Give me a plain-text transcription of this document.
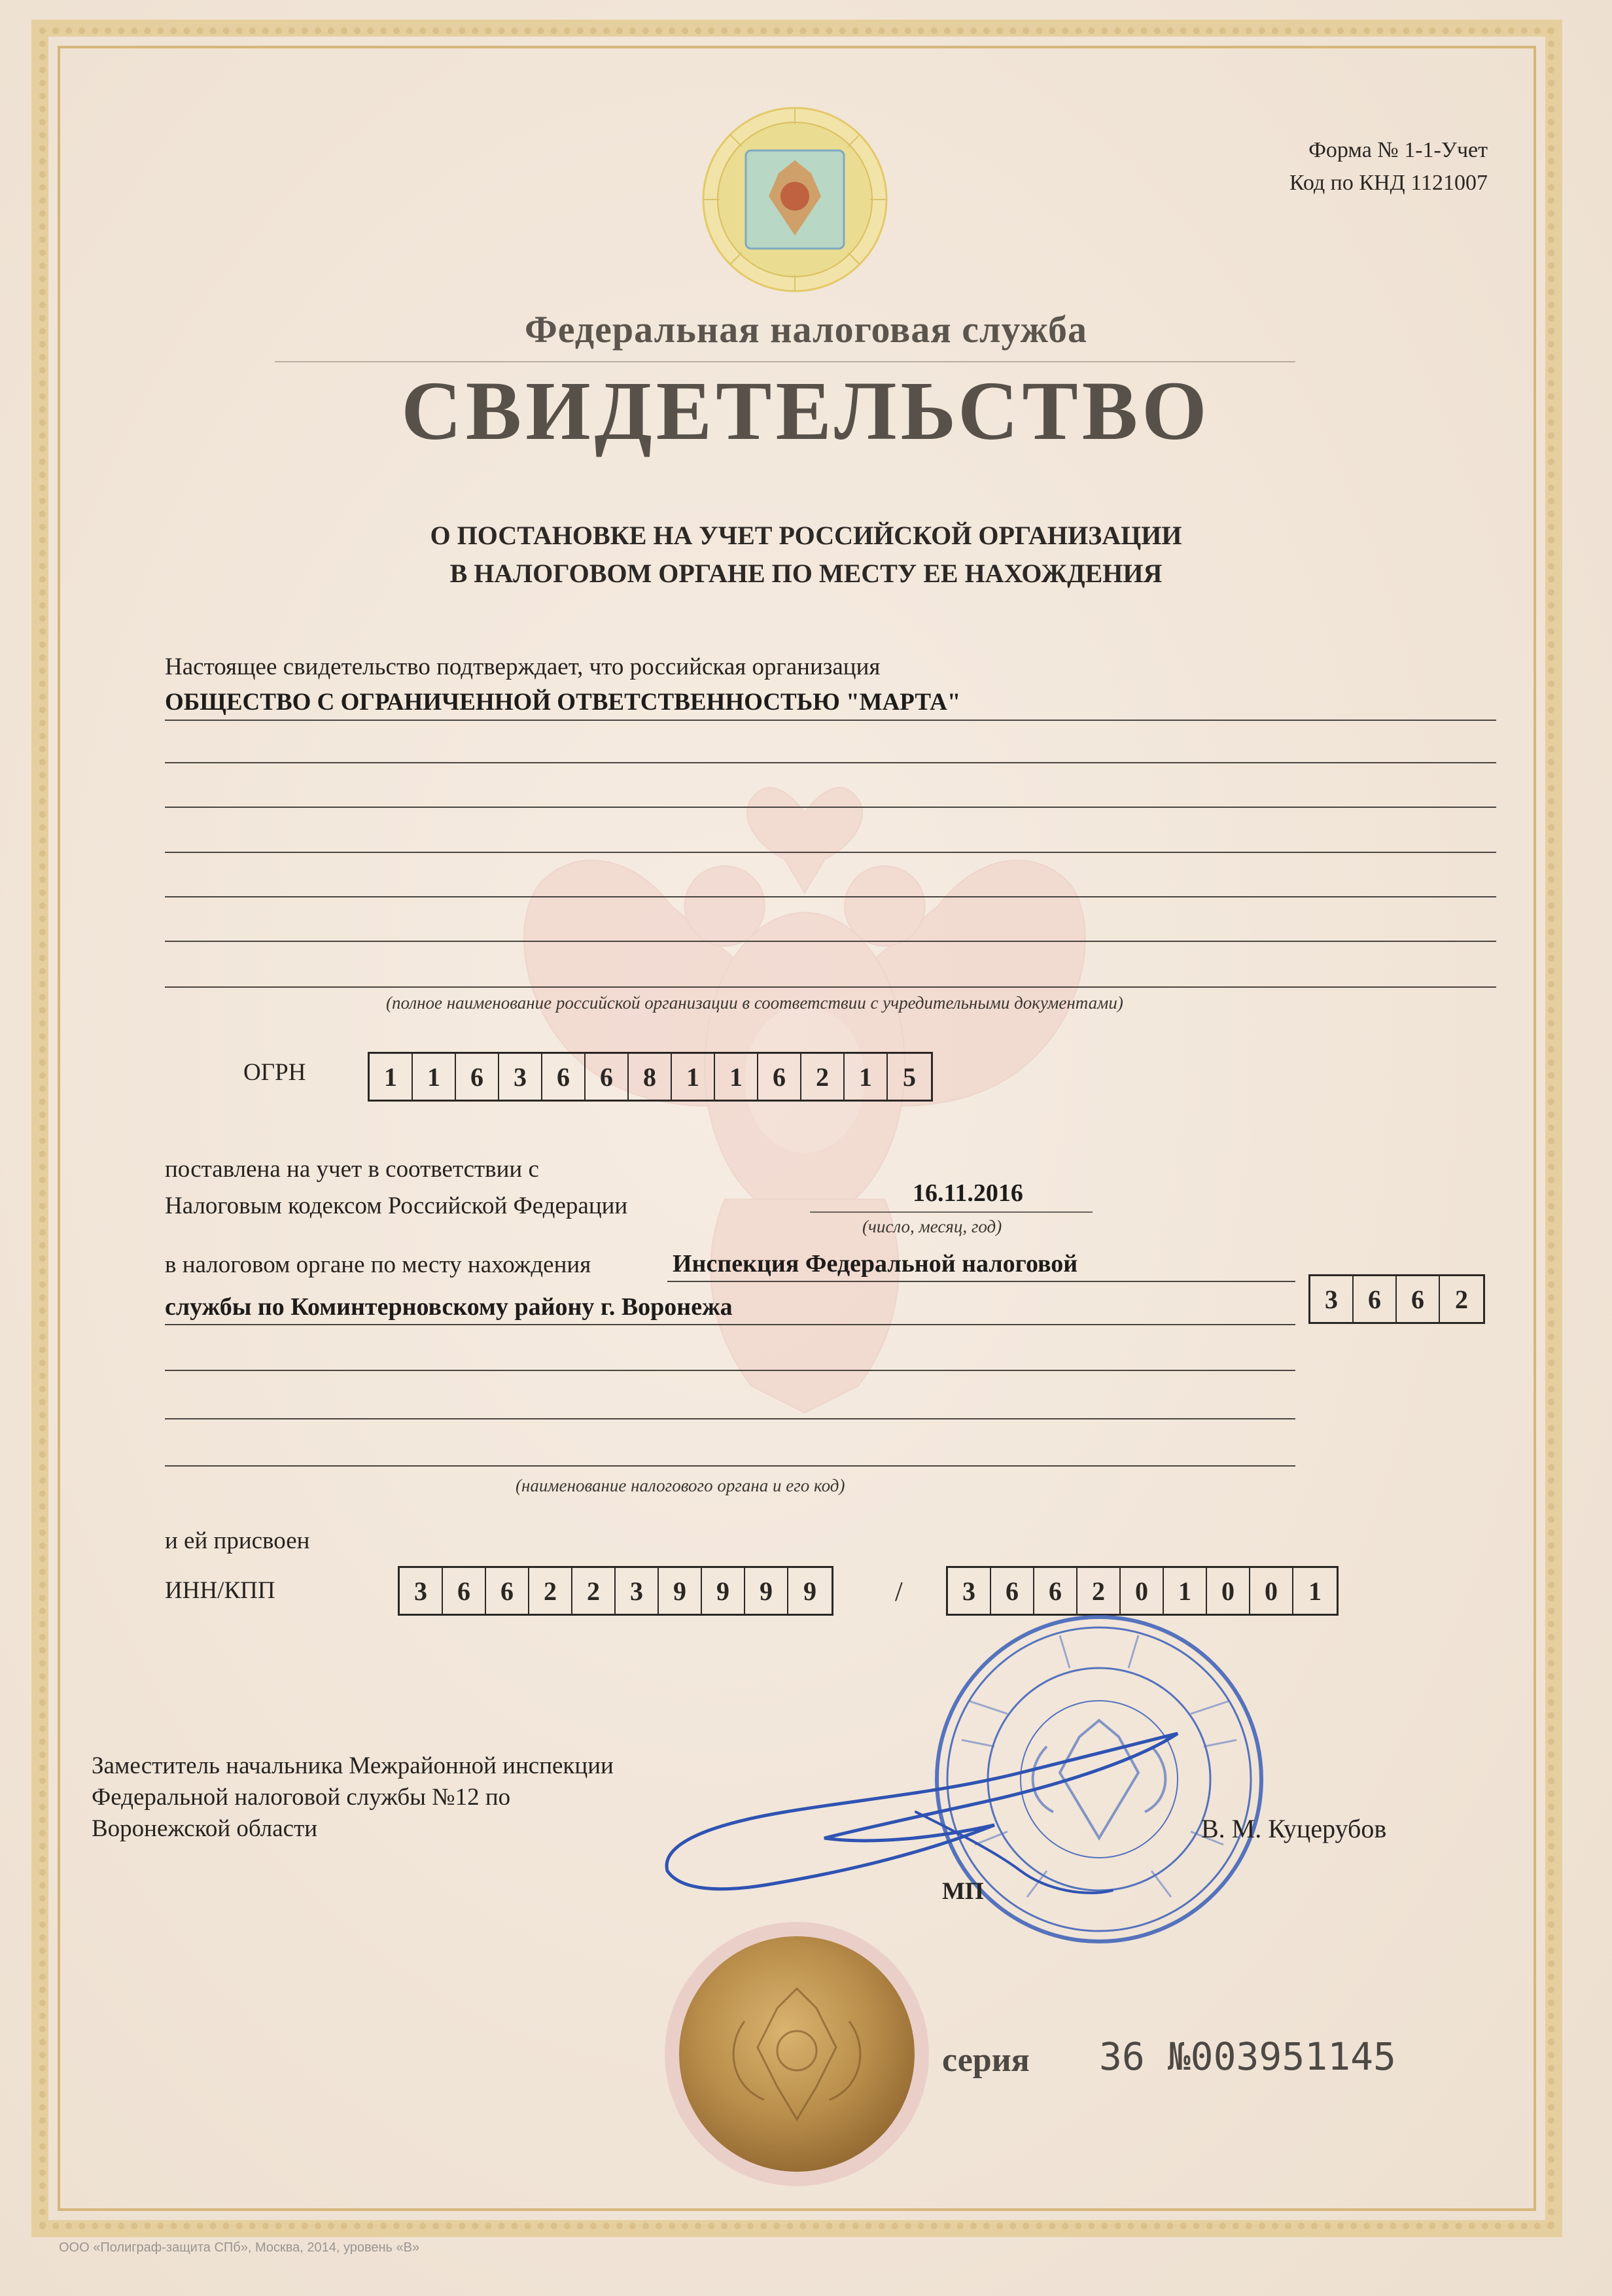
Форма № 1-1-Учет
Код по КНД 1121007
Федеральная налоговая служба
СВИДЕТЕЛЬСТВО
О ПОСТАНОВКЕ НА УЧЕТ РОССИЙСКОЙ ОРГАНИЗАЦИИ
В НАЛОГОВОМ ОРГАНЕ ПО МЕСТУ ЕЕ НАХОЖДЕНИЯ
Настоящее свидетельство подтверждает, что российская организация
ОБЩЕСТВО С ОГРАНИЧЕННОЙ ОТВЕТСТВЕННОСТЬЮ "МАРТА"
(полное наименование российской организации в соответствии с учредительными документами)
ОГРН	1	1	6	3	6	6	8	1	1	6	2	1	5
поставлена на учет в соответствии с
Налоговым кодексом Российской Федерации	16.11.2016
(число, месяц, год)
в налоговом органе по месту нахождения	Инспекция Федеральной налоговой
службы по Коминтерновскому району г. Воронежа	3	6	6	2
(наименование налогового органа и его код)
и ей присвоен
ИНН/КПП	3	6	6	2	2	3	9	9	9	9	/	3	6	6	2	0	1	0	0	1
Заместитель начальника Межрайонной инспекции
Федеральной налоговой службы №12 по
Воронежской области	В. М. Куцерубов
МП
серия 36 №003951145
ООО «Полиграф-защита СПб», Москва, 2014, уровень «В»
